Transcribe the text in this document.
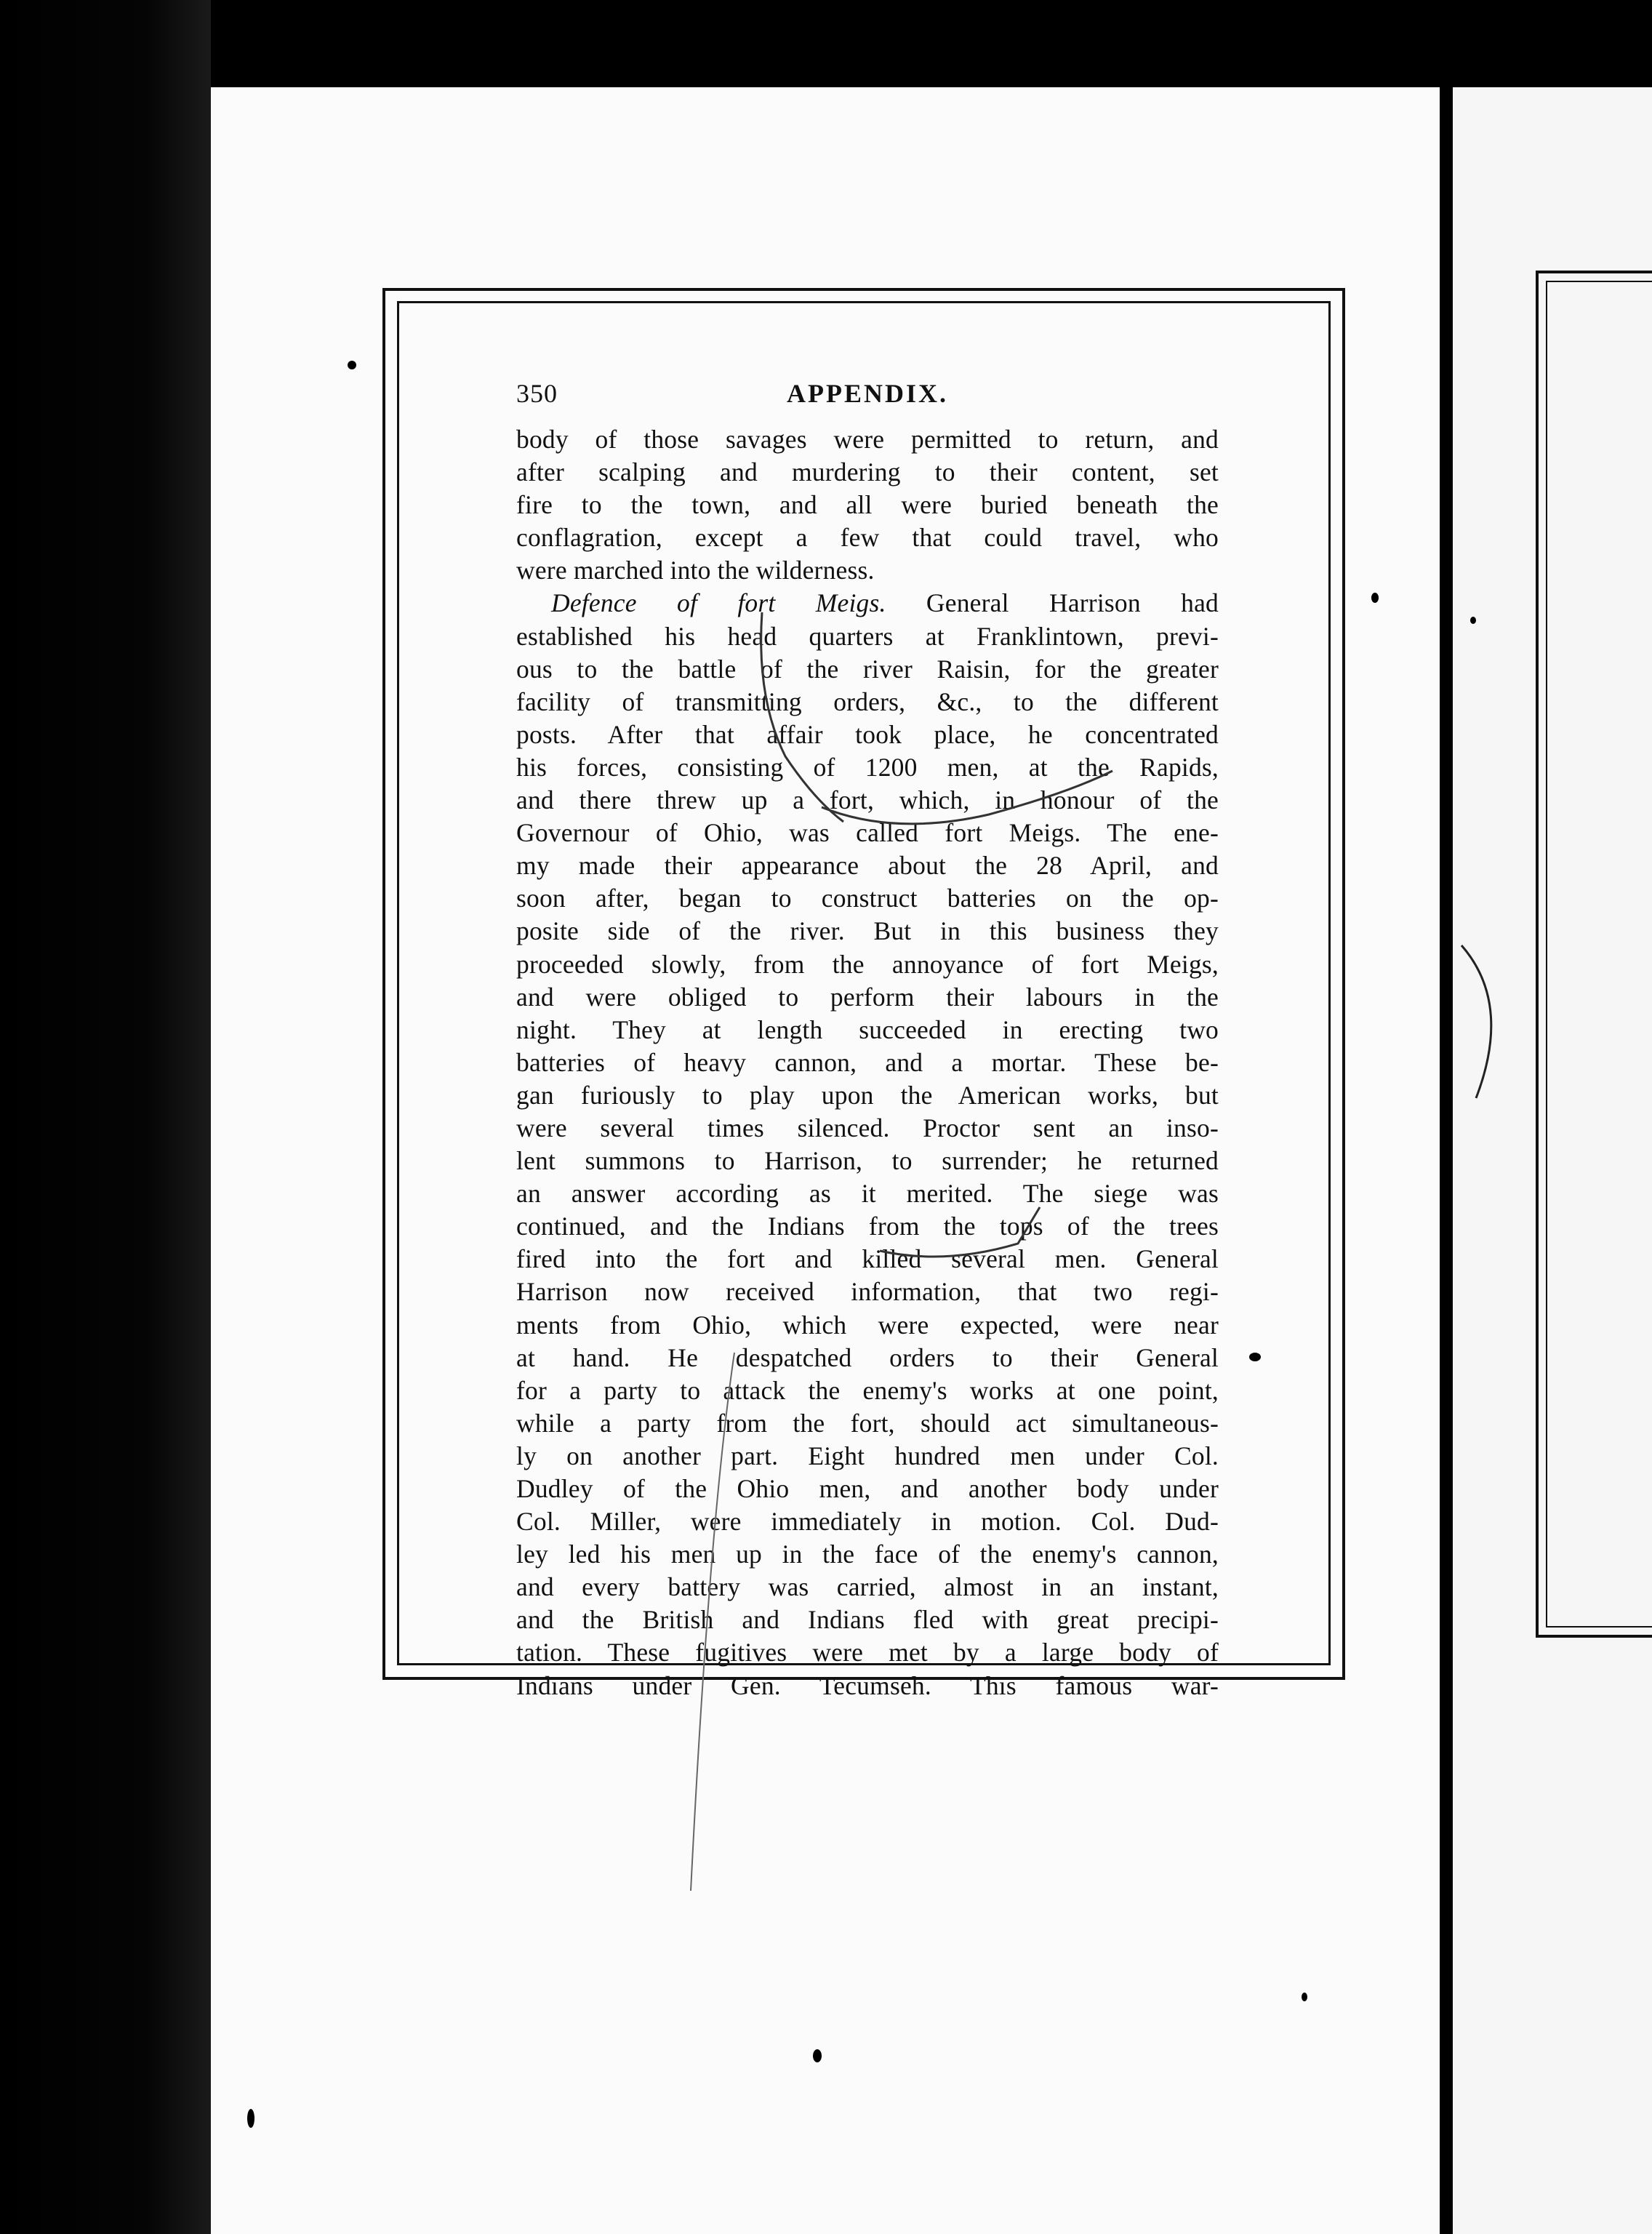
350	APPENDIX.
body of those savages were permitted to return, and
after scalping and murdering to their content, set
fire to the town, and all were buried beneath the
conflagration, except a few that could travel, who
were marched into the wilderness.
Defence of fort Meigs. General Harrison had
established his head quarters at Franklintown, previ-
ous to the battle of the river Raisin, for the greater
facility of transmitting orders, &c., to the different
posts. After that affair took place, he concentrated
his forces, consisting of 1200 men, at the Rapids,
and there threw up a fort, which, in honour of the
Governour of Ohio, was called fort Meigs. The ene-
my made their appearance about the 28 April, and
soon after, began to construct batteries on the op-
posite side of the river. But in this business they
proceeded slowly, from the annoyance of fort Meigs,
and were obliged to perform their labours in the
night. They at length succeeded in erecting two
batteries of heavy cannon, and a mortar. These be-
gan furiously to play upon the American works, but
were several times silenced. Proctor sent an inso-
lent summons to Harrison, to surrender; he returned
an answer according as it merited. The siege was
continued, and the Indians from the tops of the trees
fired into the fort and killed several men. General
Harrison now received information, that two regi-
ments from Ohio, which were expected, were near
at hand. He despatched orders to their General
for a party to attack the enemy's works at one point,
while a party from the fort, should act simultaneous-
ly on another part. Eight hundred men under Col.
Dudley of the Ohio men, and another body under
Col. Miller, were immediately in motion. Col. Dud-
ley led his men up in the face of the enemy's cannon,
and every battery was carried, almost in an instant,
and the British and Indians fled with great precipi-
tation. These fugitives were met by a large body of
Indians under Gen. Tecumseh. This famous war-
